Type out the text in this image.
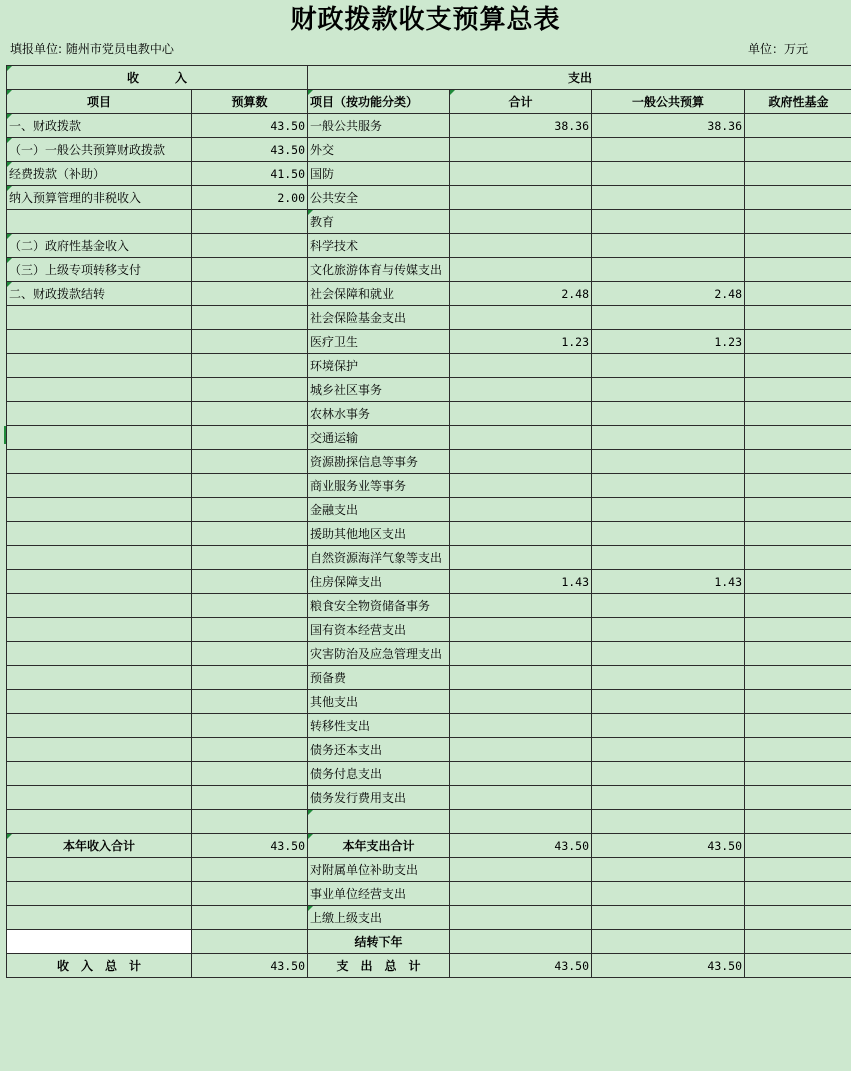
财政拨款收支预算总表
填报单位: 随州市党员电教中心	单位：万元
收　　　入		支出			
项目	预算数	项目（按功能分类）	合计	一般公共预算	政府性基金
一、财政拨款	43.50	一般公共服务	38.36	38.36	
（一）一般公共预算财政拨款	43.50	外交			
经费拨款（补助）	41.50	国防			
纳入预算管理的非税收入	2.00	公共安全			
		教育			
（二）政府性基金收入		科学技术			
（三）上级专项转移支付		文化旅游体育与传媒支出			
二、财政拨款结转		社会保障和就业	2.48	2.48	
		社会保险基金支出			
		医疗卫生	1.23	1.23	
		环境保护			
		城乡社区事务			
		农林水事务			
		交通运输			
		资源勘探信息等事务			
		商业服务业等事务			
		金融支出			
		援助其他地区支出			
		自然资源海洋气象等支出			
		住房保障支出	1.43	1.43	
		粮食安全物资储备事务			
		国有资本经营支出			
		灾害防治及应急管理支出			
		预备费			
		其他支出			
		转移性支出			
		债务还本支出			
		债务付息支出			
		债务发行费用支出			

本年收入合计	43.50	本年支出合计	43.50	43.50	
		对附属单位补助支出			
		事业单位经营支出			
		上缴上级支出			
		结转下年			
收　入　总　计	43.50	支　出　总　计	43.50	43.50	
